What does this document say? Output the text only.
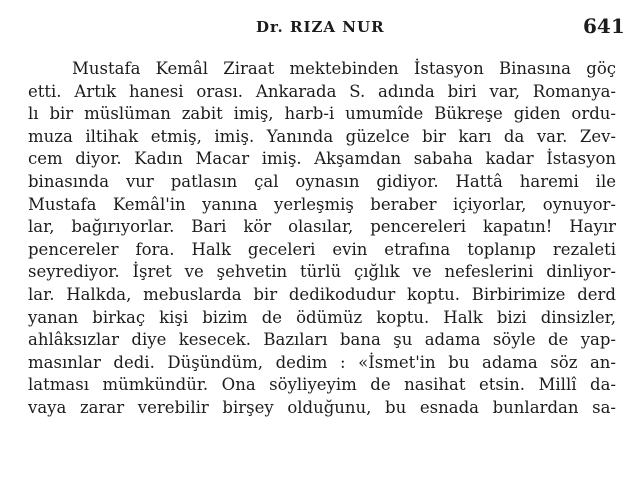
Dr. RIZA NUR	641
Mustafa Kemâl Ziraat mektebinden İstasyon Binasına göç
etti. Artık hanesi orası. Ankarada S. adında biri var, Romanya-
lı bir müslüman zabit imiş, harb-i umumîde Bükreşe giden ordu-
muza iltihak etmiş, imiş. Yanında güzelce bir karı da var. Zev-
cem diyor. Kadın Macar imiş. Akşamdan sabaha kadar İstasyon
binasında vur patlasın çal oynasın gidiyor. Hattâ haremi ile
Mustafa Kemâl'in yanına yerleşmiş beraber içiyorlar, oynuyor-
lar, bağırıyorlar. Bari kör olasılar, pencereleri kapatın! Hayır
pencereler fora. Halk geceleri evin etrafına toplanıp rezaleti
seyrediyor. İşret ve şehvetin türlü çığlık ve nefeslerini dinliyor-
lar. Halkda, mebuslarda bir dedikodudur koptu. Birbirimize derd
yanan birkaç kişi bizim de ödümüz koptu. Halk bizi dinsizler,
ahlâksızlar diye kesecek. Bazıları bana şu adama söyle de yap-
masınlar dedi. Düşündüm, dedim : «İsmet'in bu adama söz an-
latması mümkündür. Ona söyliyeyim de nasihat etsin. Millî da-
vaya zarar verebilir birşey olduğunu, bu esnada bunlardan sa-
